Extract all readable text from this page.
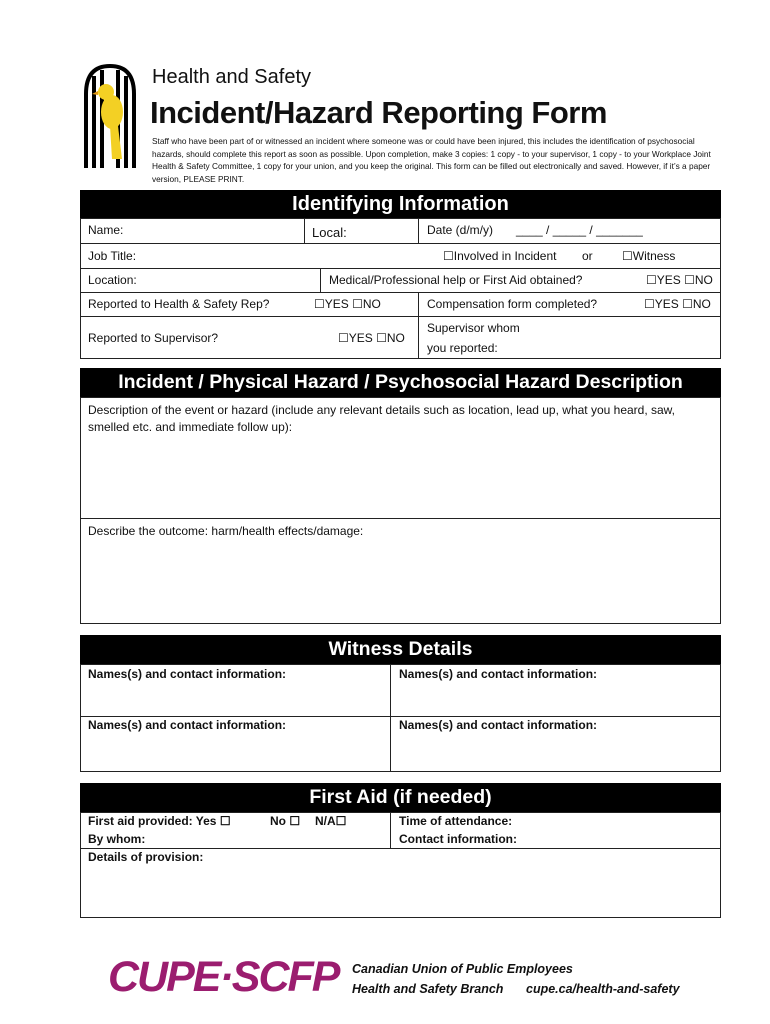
Health and Safety
Incident/Hazard Reporting Form
Staff who have been part of or witnessed an incident where someone was or could have been injured, this includes the identification of psychosocial hazards, should complete this report as soon as possible. Upon completion, make 3 copies: 1 copy - to your supervisor, 1 copy - to your Workplace Joint Health & Safety Committee, 1 copy for your union, and you keep the original. This form can be filled out electronically and saved. However, if it’s a paper version, PLEASE PRINT.
Identifying Information
Name:	Local:	Date (d/m/y) ____ / _____ / _______
Job Title:	☐Involved in Incident or ☐Witness
Location:	Medical/Professional help or First Aid obtained?	☐YES ☐NO
Reported to Health & Safety Rep?	☐YES ☐NO	Compensation form completed?	☐YES ☐NO
Reported to Supervisor?	☐YES ☐NO
Supervisor whom
you reported:
Incident / Physical Hazard / Psychosocial Hazard Description
Description of the event or hazard (include any relevant details such as location, lead up, what you heard, saw,
smelled etc. and immediate follow up):
Describe the outcome: harm/health effects/damage:
Witness Details
Names(s) and contact information:	Names(s) and contact information:
Names(s) and contact information:	Names(s) and contact information:
First Aid (if needed)
First aid provided: Yes ☐	No ☐ N/A☐	Time of attendance:
By whom:	Contact information:
Details of provision:
CUPE·SCFP Canadian Union of Public Employees
Health and Safety Branch cupe.ca/health-and-safety
